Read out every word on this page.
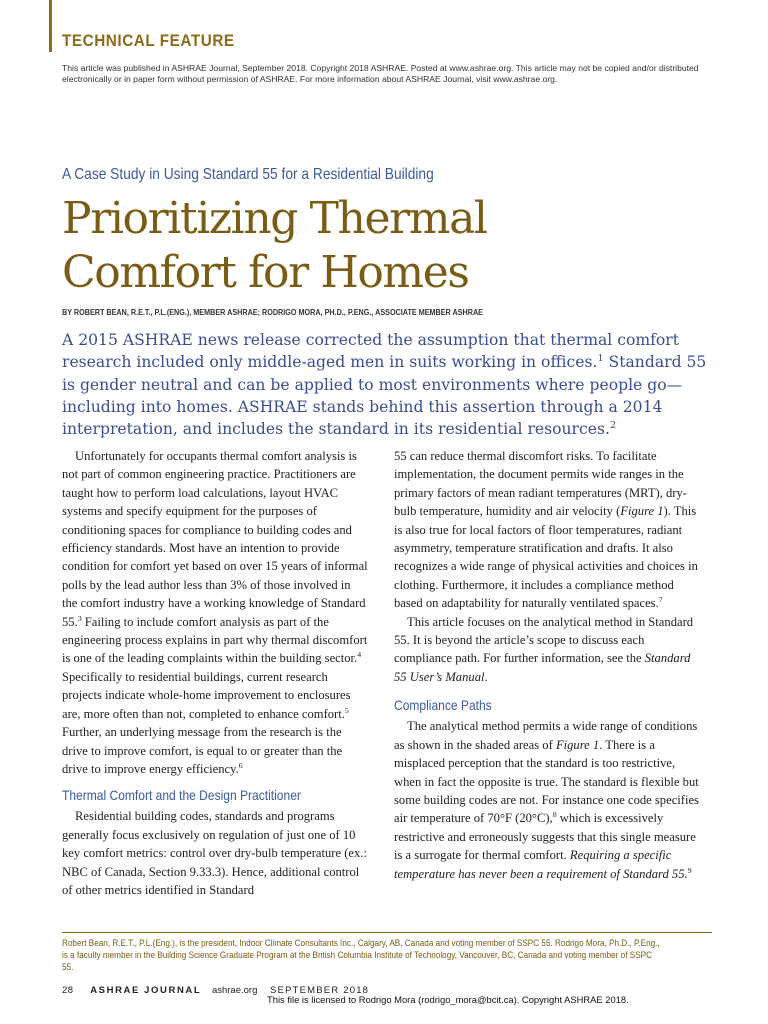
TECHNICAL FEATURE
This article was published in ASHRAE Journal, September 2018. Copyright 2018 ASHRAE. Posted at www.ashrae.org. This article may not be copied and/or distributed electronically or in paper form without permission of ASHRAE. For more information about ASHRAE Journal, visit www.ashrae.org.
A Case Study in Using Standard 55 for a Residential Building
Prioritizing Thermal
Comfort for Homes
BY ROBERT BEAN, R.E.T., P.L.(ENG.), MEMBER ASHRAE; RODRIGO MORA, PH.D., P.ENG., ASSOCIATE MEMBER ASHRAE
A 2015 ASHRAE news release corrected the assumption that thermal comfort research included only middle-aged men in suits working in offices.$^1$ Standard 55 is gender neutral and can be applied to most environments where people go—including into homes. ASHRAE stands behind this assertion through a 2014 interpretation, and includes the standard in its residential resources.$^2$

Unfortunately for occupants thermal comfort analysis is not part of common engineering practice. Practitioners are taught how to perform load calculations, layout HVAC systems and specify equipment for the purposes of conditioning spaces for compliance to building codes and efficiency standards. Most have an intention to provide condition for comfort yet based on over 15 years of informal polls by the lead author less than 3% of those involved in the comfort industry have a working knowledge of Standard 55.$^3$ Failing to include comfort analysis as part of the engineering process explains in part why thermal discomfort is one of the leading complaints within the building sector.$^4$ Specifically to residential buildings, current research projects indicate whole-home improvement to enclosures are, more often than not, completed to enhance comfort.$^5$ Further, an underlying message from the research is the drive to improve comfort, is equal to or greater than the drive to improve energy efficiency.$^6$

Thermal Comfort and the Design Practitioner

Residential building codes, standards and programs generally focus exclusively on regulation of just one of 10 key comfort metrics: control over dry-bulb temperature (ex.: NBC of Canada, Section 9.33.3). Hence, additional control of other metrics identified in Standard

55 can reduce thermal discomfort risks. To facilitate implementation, the document permits wide ranges in the primary factors of mean radiant temperatures (MRT), dry-bulb temperature, humidity and air velocity (Figure 1). This is also true for local factors of floor temperatures, radiant asymmetry, temperature stratification and drafts. It also recognizes a wide range of physical activities and choices in clothing. Furthermore, it includes a compliance method based on adaptability for naturally ventilated spaces.$^7$

This article focuses on the analytical method in Standard 55. It is beyond the article’s scope to discuss each compliance path. For further information, see the Standard 55 User’s Manual.

Compliance Paths

The analytical method permits a wide range of conditions as shown in the shaded areas of Figure 1. There is a misplaced perception that the standard is too restrictive, when in fact the opposite is true. The standard is flexible but some building codes are not. For instance one code specifies air temperature of 70°F (20°C),$^8$ which is excessively restrictive and erroneously suggests that this single measure is a surrogate for thermal comfort. Requiring a specific temperature has never been a requirement of Standard 55.$^9$

Robert Bean, R.E.T., P.L.(Eng.), is the president, Indoor Climate Consultants Inc., Calgary, AB, Canada and voting member of SSPC 55. Rodrigo Mora, Ph.D., P.Eng., is a faculty member in the Building Science Graduate Program at the British Columbia Institute of Technology, Vancouver, BC, Canada and voting member of SSPC 55.
28 ASHRAE JOURNAL ashrae.org SEPTEMBER 2018
This file is licensed to Rodrigo Mora (rodrigo_mora@bcit.ca). Copyright ASHRAE 2018.
